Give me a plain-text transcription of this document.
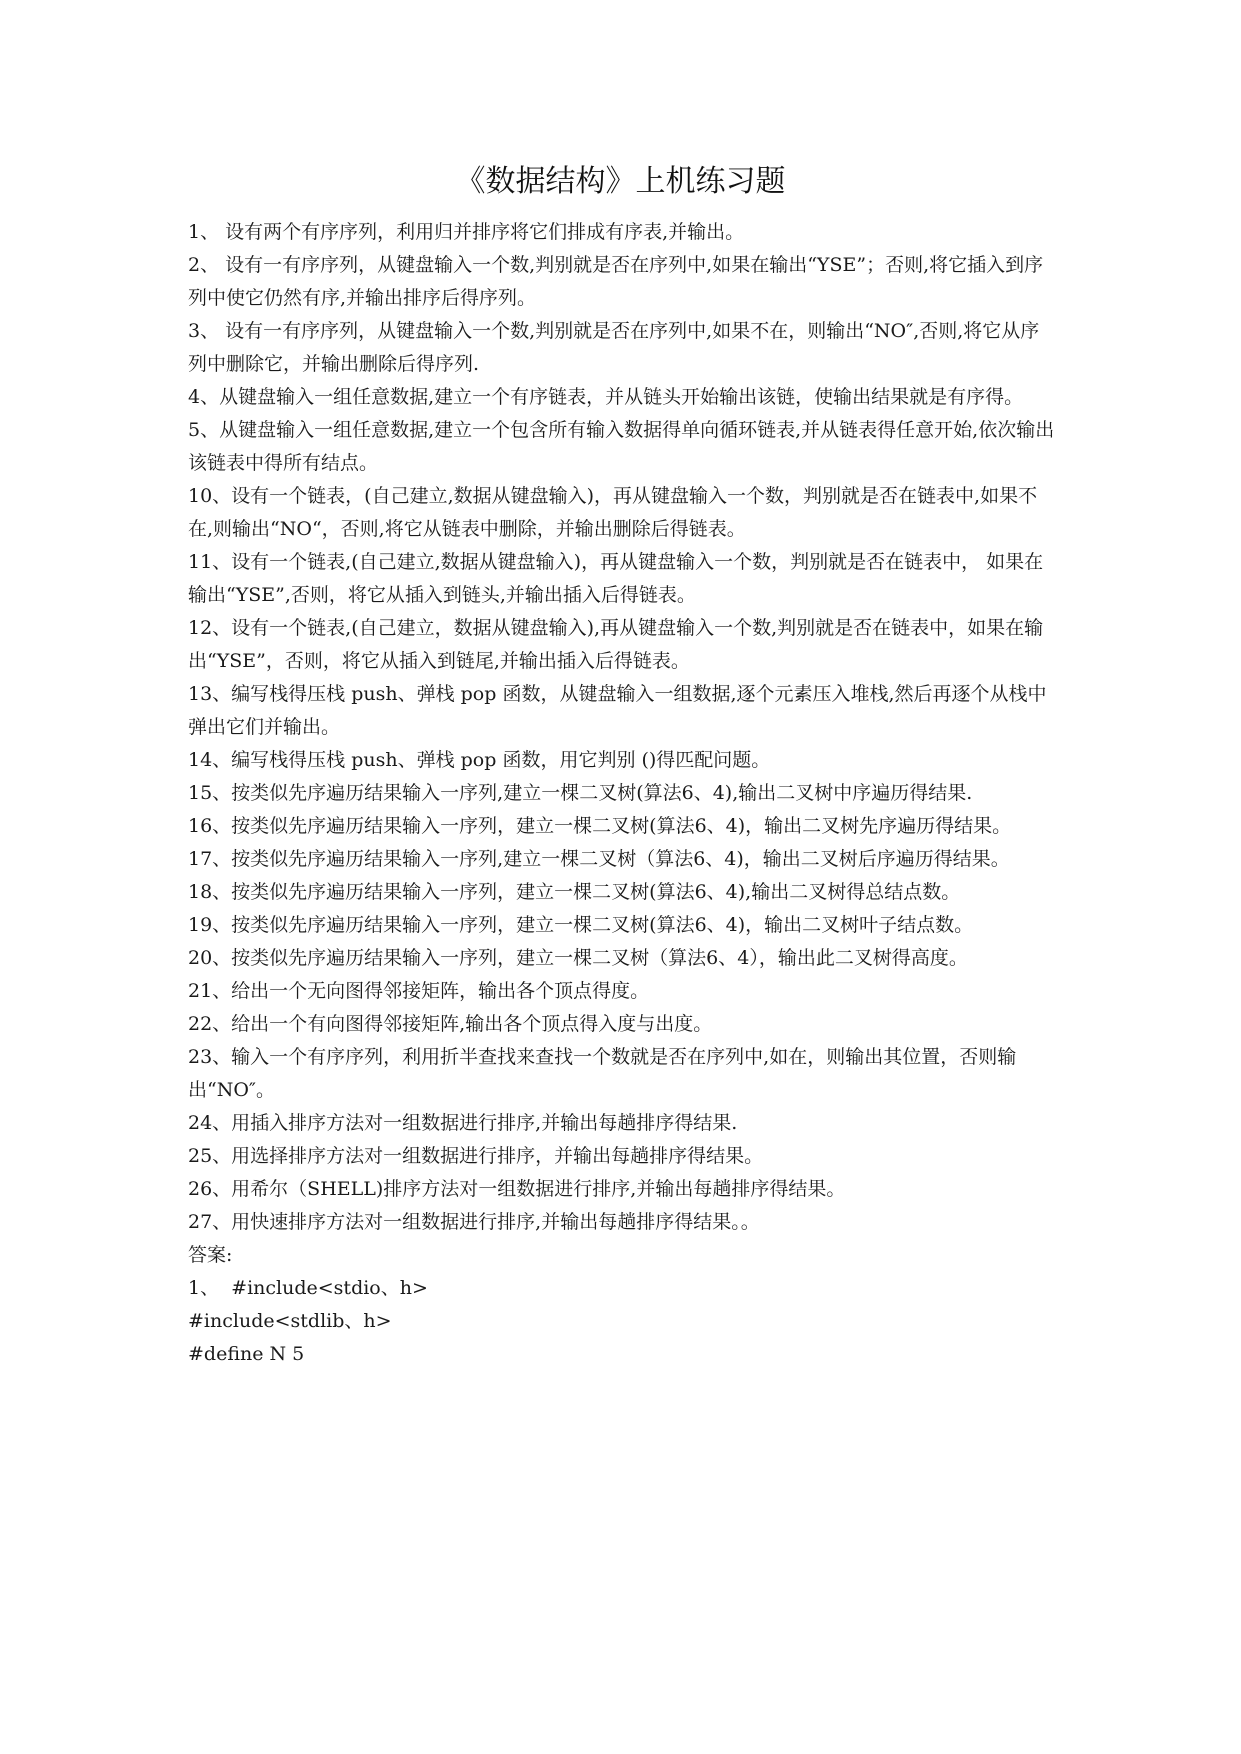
《数据结构》上机练习题

1、 设有两个有序序列，利用归并排序将它们排成有序表,并输出。

2、 设有一有序序列，从键盘输入一个数,判别就是否在序列中,如果在输出“YSE”；否则,将它插入到序列中使它仍然有序,并输出排序后得序列。

3、 设有一有序序列，从键盘输入一个数,判别就是否在序列中,如果不在，则输出“NO″,否则,将它从序列中删除它，并输出删除后得序列.

4、从键盘输入一组任意数据,建立一个有序链表，并从链头开始输出该链，使输出结果就是有序得。

5、从键盘输入一组任意数据,建立一个包含所有输入数据得单向循环链表,并从链表得任意开始,依次输出该链表中得所有结点。

10、设有一个链表，(自己建立,数据从键盘输入)，再从键盘输入一个数，判别就是否在链表中,如果不在,则输出“NO“，否则,将它从链表中删除，并输出删除后得链表。

11、设有一个链表,(自己建立,数据从键盘输入)，再从键盘输入一个数，判别就是否在链表中， 如果在输出“YSE”,否则，将它从插入到链头,并输出插入后得链表。

12、设有一个链表,(自己建立，数据从键盘输入),再从键盘输入一个数,判别就是否在链表中，如果在输出“YSE”，否则，将它从插入到链尾,并输出插入后得链表。

13、编写栈得压栈 push、弹栈 pop 函数，从键盘输入一组数据,逐个元素压入堆栈,然后再逐个从栈中弹出它们并输出。

14、编写栈得压栈 push、弹栈 pop 函数，用它判别 ()得匹配问题。

15、按类似先序遍历结果输入一序列,建立一棵二叉树(算法6、4),输出二叉树中序遍历得结果.

16、按类似先序遍历结果输入一序列，建立一棵二叉树(算法6、4)，输出二叉树先序遍历得结果。

17、按类似先序遍历结果输入一序列,建立一棵二叉树（算法6、4)，输出二叉树后序遍历得结果。

18、按类似先序遍历结果输入一序列，建立一棵二叉树(算法6、4),输出二叉树得总结点数。

19、按类似先序遍历结果输入一序列，建立一棵二叉树(算法6、4)，输出二叉树叶子结点数。

20、按类似先序遍历结果输入一序列，建立一棵二叉树（算法6、4），输出此二叉树得高度。

21、给出一个无向图得邻接矩阵，输出各个顶点得度。

22、给出一个有向图得邻接矩阵,输出各个顶点得入度与出度。

23、输入一个有序序列，利用折半查找来查找一个数就是否在序列中,如在，则输出其位置，否则输出“NO″。

24、用插入排序方法对一组数据进行排序,并输出每趟排序得结果.

25、用选择排序方法对一组数据进行排序，并输出每趟排序得结果。

26、用希尔（SHELL)排序方法对一组数据进行排序,并输出每趟排序得结果。

27、用快速排序方法对一组数据进行排序,并输出每趟排序得结果。。

答案:

1、  #include<stdio、h>

#include<stdlib、h>

#define N 5
